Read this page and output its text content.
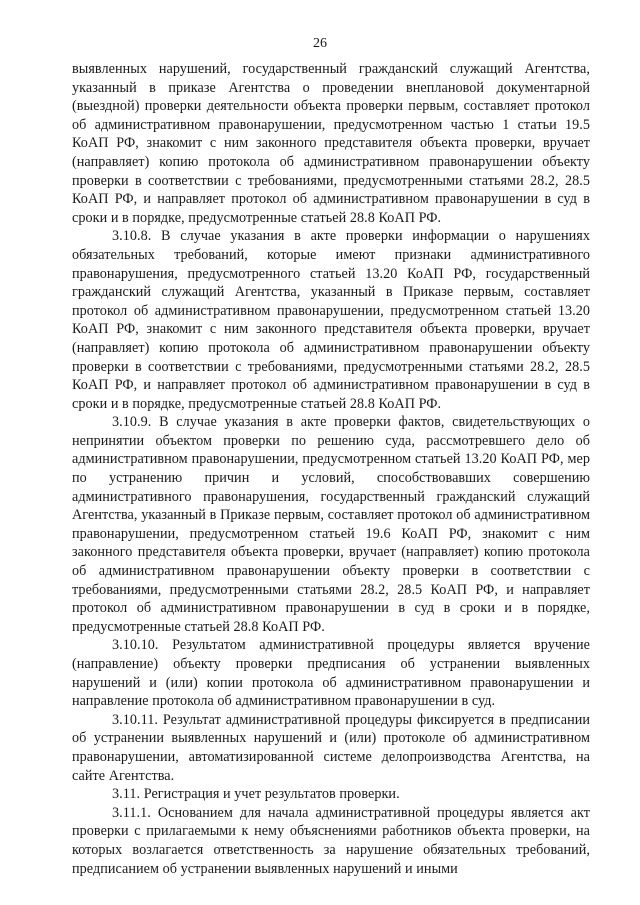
26

выявленных нарушений, государственный гражданский служащий Агентства, указанный в приказе Агентства о проведении внеплановой документарной (выездной) проверки деятельности объекта проверки первым, составляет протокол об административном правонарушении, предусмотренном частью 1 статьи 19.5 КоАП РФ, знакомит с ним законного представителя объекта проверки, вручает (направляет) копию протокола об административном правонарушении объекту проверки в соответствии с требованиями, предусмотренными статьями 28.2, 28.5 КоАП РФ, и направляет протокол об административном правонарушении в суд в сроки и в порядке, предусмотренные статьей 28.8 КоАП РФ.

3.10.8. В случае указания в акте проверки информации о нарушениях обязательных требований, которые имеют признаки административного правонарушения, предусмотренного статьей 13.20 КоАП РФ, государственный гражданский служащий Агентства, указанный в Приказе первым, составляет протокол об административном правонарушении, предусмотренном статьей 13.20 КоАП РФ, знакомит с ним законного представителя объекта проверки, вручает (направляет) копию протокола об административном правонарушении объекту проверки в соответствии с требованиями, предусмотренными статьями 28.2, 28.5 КоАП РФ, и направляет протокол об административном правонарушении в суд в сроки и в порядке, предусмотренные статьей 28.8 КоАП РФ.

3.10.9. В случае указания в акте проверки фактов, свидетельствующих о непринятии объектом проверки по решению суда, рассмотревшего дело об административном правонарушении, предусмотренном статьей 13.20 КоАП РФ, мер по устранению причин и условий, способствовавших совершению административного правонарушения, государственный гражданский служащий Агентства, указанный в Приказе первым, составляет протокол об административном правонарушении, предусмотренном статьей 19.6 КоАП РФ, знакомит с ним законного представителя объекта проверки, вручает (направляет) копию протокола об административном правонарушении объекту проверки в соответствии с требованиями, предусмотренными статьями 28.2, 28.5 КоАП РФ, и направляет протокол об административном правонарушении в суд в сроки и в порядке, предусмотренные статьей 28.8 КоАП РФ.

3.10.10. Результатом административной процедуры является вручение (направление) объекту проверки предписания об устранении выявленных нарушений и (или) копии протокола об административном правонарушении и направление протокола об административном правонарушении в суд.

3.10.11. Результат административной процедуры фиксируется в предписании об устранении выявленных нарушений и (или) протоколе об административном правонарушении, автоматизированной системе делопроизводства Агентства, на сайте Агентства.

3.11. Регистрация и учет результатов проверки.

3.11.1. Основанием для начала административной процедуры является акт проверки с прилагаемыми к нему объяснениями работников объекта проверки, на которых возлагается ответственность за нарушение обязательных требований, предписанием об устранении выявленных нарушений и иными
